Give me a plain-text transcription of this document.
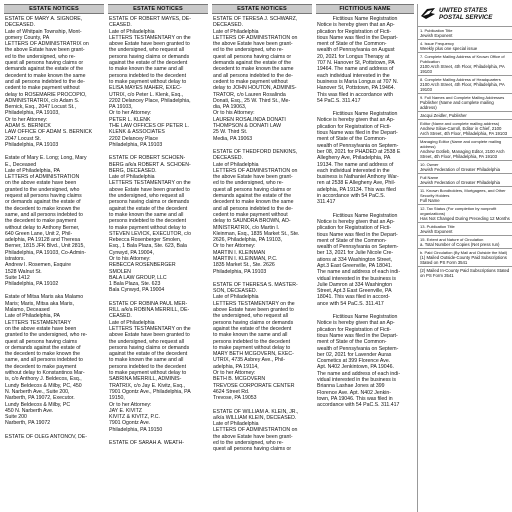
ESTATE NOTICES
ESTATE OF MARY A. SIGNORE,
DECEASED.
Late of Whitpain Township, Mont-
gomery County, PA
LETTERS OF ADMINISTRATRIX on
the above Estate have been grant-
ed to the undersigned, who re-
quest all persons having claims or
demands against the estate of the
decedent to make known the same
and all persons indebted to the de-
cedent to make payment without
delay to ROSEMARIE PROCOPIO,
ADMINISTRATRIX, c/o Adam S.
Bernick, Esq., 2047 Locust St.,
Philadelphia, PA 19103,
Or to her Attorney:
ADAM S. BERNICK
LAW OFFICE OF ADAM S. BERNICK
2047 Locust St.
Philadelphia, PA 19103
Estate of Mary E. Long; Long, Mary
E., Deceased
Late of Philadelphia, PA
LETTERS of ADMINISTRATION
on the above estate have been
granted to the undersigned, who
request all persons having claims
or demands against the estate of
the decedent to make known the
same, and all persons indebted to
the decedent to make payment
without delay to Anthony Berner,
640 Green Lane, Unit 2, Phil-
adelphia, PA 19128 and Theresa
Berner, 1815 JFK Blvd., Unit 2815,
Philadelphia, PA 19103, Co-Admin-
istrators.
Andrew I. Rosemen, Esquire
1528 Walnut St.
Suite 1412
Philadelphia, PA 19102
Estate of Mitsa Maris aka Malamo
Maris; Maris, Mitsa aka Maris,
Malamo, Deceased
Late of Philadelphia, PA
LETTERS TESTAMENTARY
on the above estate have been
granted to the undersigned, who re-
quest all persons having claims
or demands against the estate of
the decedent to make known the
same, and all persons indebted to
the decedent to make payment
without delay to Konstantinos Mar-
is, c/o Anthony J. Beldecos, Esq.,
Lundy Beldecos & Milby, PC, 450
N. Narberth Ave., Suite 200,
Narberth, PA 19072, Executor.
Lundy Beldecos & Milby, PC
450 N. Narberth Ave.
Suite 200
Narberth, PA 19072
ESTATE OF OLEG ANTONOV, DE-
ESTATE NOTICES
ESTATE OF ROBERT MAYES, DE-
CEASED.
Late of Philadelphia
LETTERS TESTAMENTARY on the
above Estate have been granted to
the undersigned, who request all
persons having claims or demands
against the estate of the decedent
to make known the same and all
persons indebted to the decedent
to make payment without delay to
ELISA MAYES MAHER, EXEC-
UTRIX, c/o Peter L. Klenk, Esq.,
2202 Delancey Place, Philadelphia,
PA 19103,
Or to her Attorney:
PETER L. KLENK
THE LAW OFFICES OF PETER L.
KLENK & ASSOCIATES
2202 Delancey Place
Philadelphia, PA 19103
ESTATE OF ROBERT SCHOEN-
BERG a/k/a ROBERT A. SCHOEN-
BERG, DECEASED.
Late of Philadelphia
LETTERS TESTAMENTARY on the
above Estate have been granted to
the undersigned, who request all
persons having claims or demands
against the estate of the decedent
to make known the same and all
persons indebted to the decedent
to make payment without delay to
STEVEN LEVICK, EXECUTOR, c/o
Rebecca Rosenberger Smolen,
Esq., 1 Bala Plaza, Ste. 623, Bala
Cynwyd, PA 19004,
Or to his Attorney:
REBECCA ROSENBERGER
SMOLEN
BALA LAW GROUP, LLC
1 Bala Plaza, Ste. 623
Bala Cynwyd, PA 19004
ESTATE OF ROBINA PAUL MER-
RILL a/k/a ROBINA MERRILL, DE-
CEASED.
Late of Philadelphia
LETTERS TESTAMENTARY on the
above Estate have been granted to
the undersigned, who request all
persons having claims or demands
against the estate of the decedent
to make known the same and all
persons indebted to the decedent
to make payment without delay to
SABRINA MERRILL, ADMINIS-
TRATRIX, c/o Jay E. Kivitz, Esq.,
7901 Ogontz Ave., Philadelphia, PA
19150,
Or to her Attorney:
JAY E. KIVITZ
KIVITZ & KIVITZ, P.C.
7901 Ogontz Ave.
Philadelphia, PA 19150
ESTATE OF SARAH A. WEATH-
ESTATE NOTICES
ESTATE OF TERESA J. SCHWARZ,
DECEASED.
Late of Philadelphia
LETTERS OF ADMINISTRATION on
the above Estate have been grant-
ed to the undersigned, who re-
quest all persons having claims or
demands against the estate of the
decedent to make known the same
and all persons indebted to the de-
cedent to make payment without
delay to JOHN HOUTON, ADMINIS-
TRATOR, c/o Lauren Rosalinda
Donati, Esq., 25 W. Third St., Me-
dia, PA 19063,
Or to his Attorney:
LAUREN ROSALINDA DONATI
THOMPSON & DONATI LAW
25 W. Third St.
Media, PA 19063
ESTATE OF THEDFORD DENKINS,
DECEASED.
Late of Philadelphia
LETTERS OF ADMINISTRATION on
the above Estate have been grant-
ed to the undersigned, who re-
quest all persons having claims or
demands against the estate of the
decedent to make known the same
and all persons indebted to the de-
cedent to make payment without
delay to SAUNDRA BROWN, AD-
MINISTRATRIX, c/o Martin I.
Kleinman, Esq., 1835 Market St., Ste.
2626, Philadelphia, PA 19103,
Or to her Attorney:
MARTIN I. KLEINMAN
MARTIN I. KLEINMAN, P.C.
1835 Market St., Ste. 2626
Philadelphia, PA 19103
ESTATE OF THERESA S. MASTER-
SON, DECEASED.
Late of Philadelphia
LETTERS TESTAMENTARY on the
above Estate have been granted to
the undersigned, who request all
persons having claims or demands
against the estate of the decedent
to make known the same and all
persons indebted to the decedent
to make payment without delay to
MARY BETH MCGOVERN, EXEC-
UTRIX, 4735 Asbrey Ave., Phil-
adelphia, PA 19114,
Or to her Attorney:
BETH B. MCGOVERN
TREVOSE CORPORATE CENTER
4624 Street Rd.
Trevose, PA 19053
ESTATE OF WILLIAM A. KLEIN, JR.,
a/k/a WILLIAM KLEIN, DECEASED.
Late of Philadelphia
LETTERS OF ADMINISTRATION on
the above Estate have been grant-
ed to the undersigned, who re-
quest all persons having claims or
FICTITIOUS NAME
Fictitious Name Registration
Notice is hereby given that an Ap-
plication for Registration of Ficti-
tious Name was filed in the Depart-
ment of State of the Common-
wealth of Pennsylvania on August
20, 2021 for Longus Therapy at
707 N. Hanover St, Pottstown, PA
19464. The name and address of
each individual interested in the
business is Maria Longus at 707 N.
Hanover St, Pottstown, PA 19464.
This was filed in accordance with
54 PaC.S. 311.417
Fictitious Name Registration
Notice is hereby given that an Ap-
plication for Registration of Ficti-
tious Name was filed in the Depart-
ment of State of the Common-
wealth of Pennsylvania on Septem-
ber 08, 2021 for PHADED at 2538 E
Allegheny Ave, Philadelphia, PA
19134. The name and address of
each individual interested in the
business is Nathaniel Anthony War-
ren at 2538 E Allegheny Ave, Phil-
adelphia, PA 19134. This was filed
in accordance with 54 PaC.S.
311.417
Fictitious Name Registration
Notice is hereby given that an Ap-
plication for Registration of Ficti-
tious Name was filed in the Depart-
ment of State of the Common-
wealth of Pennsylvania on Septem-
ber 13, 2021 for Julie Nicole Cre-
ations at 334 Washington Street,
Apt.3 East Greenville, PA 18041.
The name and address of each indi-
vidual interested in the business is
Julie Damron at 334 Washington
Street, Apt.3 East Greenville, PA
18041. This was filed in accord-
ance with 54 PaC.S. 311.417
Fictitious Name Registration
Notice is hereby given that an Ap-
plication for Registration of Ficti-
tious Name was filed in the Depart-
ment of State of the Common-
wealth of Pennsylvania on Septem-
ber 02, 2021 for Lavender Auras
Cosmetics at 399 Florence Ave.
Apt. N402 Jenkintown, PA 19046.
The name and address of each indi-
vidual interested in the business is
Brianna Lashae Jones at 399
Florence Ave. Apt. N402 Jenkin-
town, PA 19046. This was filed in
accordance with 54 PaC.S. 311.417
UNITED STATES
POSTAL SERVICE
1. Publication Title
Jewish Exponent
4. Issue Frequency
Weekly plus one special issue
7. Complete Mailing Address of Known Office of Publication
2100 Arch Street, 4th Floor, Philadelphia, PA 19103
8. Complete Mailing Address of Headquarters
2100 Arch Street, 4th Floor, Philadelphia, PA 19103
9. Full Names and Complete Mailing Addresses
Publisher (Name and complete mailing address)
Jacqui Zeidler, Publisher
Editor (Name and complete mailing address)
Andrew Silow-Carroll, Editor in Chief, 2100 Arch Street, 4th Floor, Philadelphia, PA 19103
Managing Editor (Name and complete mailing address)
Andrew Gotlieb, Managing Editor, 2100 Arch Street, 4th Floor, Philadelphia, PA 19103
10. Owner
Jewish Federation of Greater Philadelphia
Full Name
Jewish Federation of Greater Philadelphia
11. Known Bondholders, Mortgagees, and Other Security Holders
Full Name
12. Tax Status (For completion by nonprofit organizations)
Has Not Changed During Preceding 12 Months
13. Publication Title
Jewish Exponent
15. Extent and Nature of Circulation
a. Total Number of Copies (Net press run)
b. Paid Circulation (By Mail and Outside the Mail)
(1) Mailed Outside-County Paid Subscriptions Stated on PS Form 3541
(2) Mailed In-County Paid Subscriptions Stated on PS Form 3541
